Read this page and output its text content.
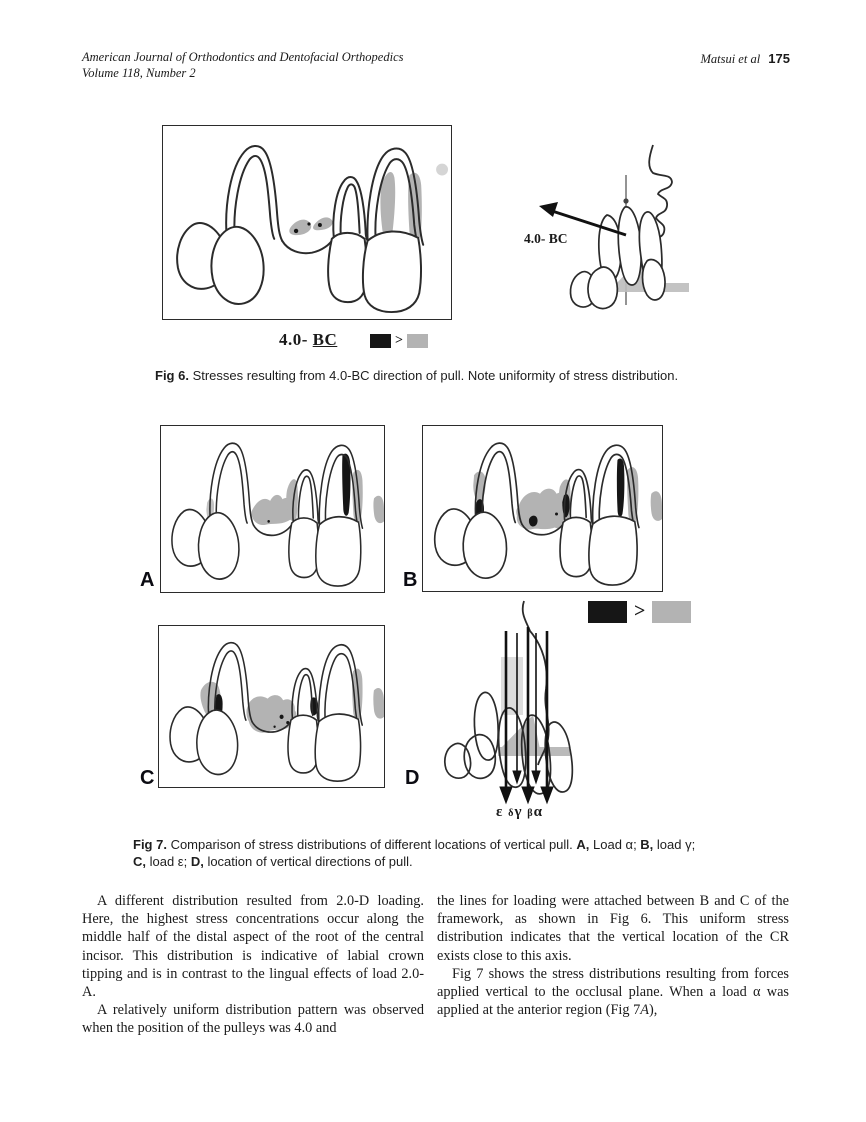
American Journal of Orthodontics and Dentofacial Orthopedics
Volume 118, Number 2
Matsui et al 175
4.0- BC
4.0- BC	>
Fig 6. Stresses resulting from 4.0-BC direction of pull. Note uniformity of stress distribution.
ε δγ βα
A	B
C	D
>
Fig 7. Comparison of stress distributions of different locations of vertical pull. A, Load α; B, load γ;
C, load ε; D, location of vertical directions of pull.

A different distribution resulted from 2.0-D loading. Here, the highest stress concentrations occur along the middle half of the distal aspect of the root of the central incisor. This distribution is indicative of labial crown tipping and is in contrast to the lingual effects of load 2.0-A.

A relatively uniform distribution pattern was observed when the position of the pulleys was 4.0 and

the lines for loading were attached between B and C of the framework, as shown in Fig 6. This uniform stress distribution indicates that the vertical location of the CR exists close to this axis.

Fig 7 shows the stress distributions resulting from forces applied vertical to the occlusal plane. When a load α was applied at the anterior region (Fig 7A),
